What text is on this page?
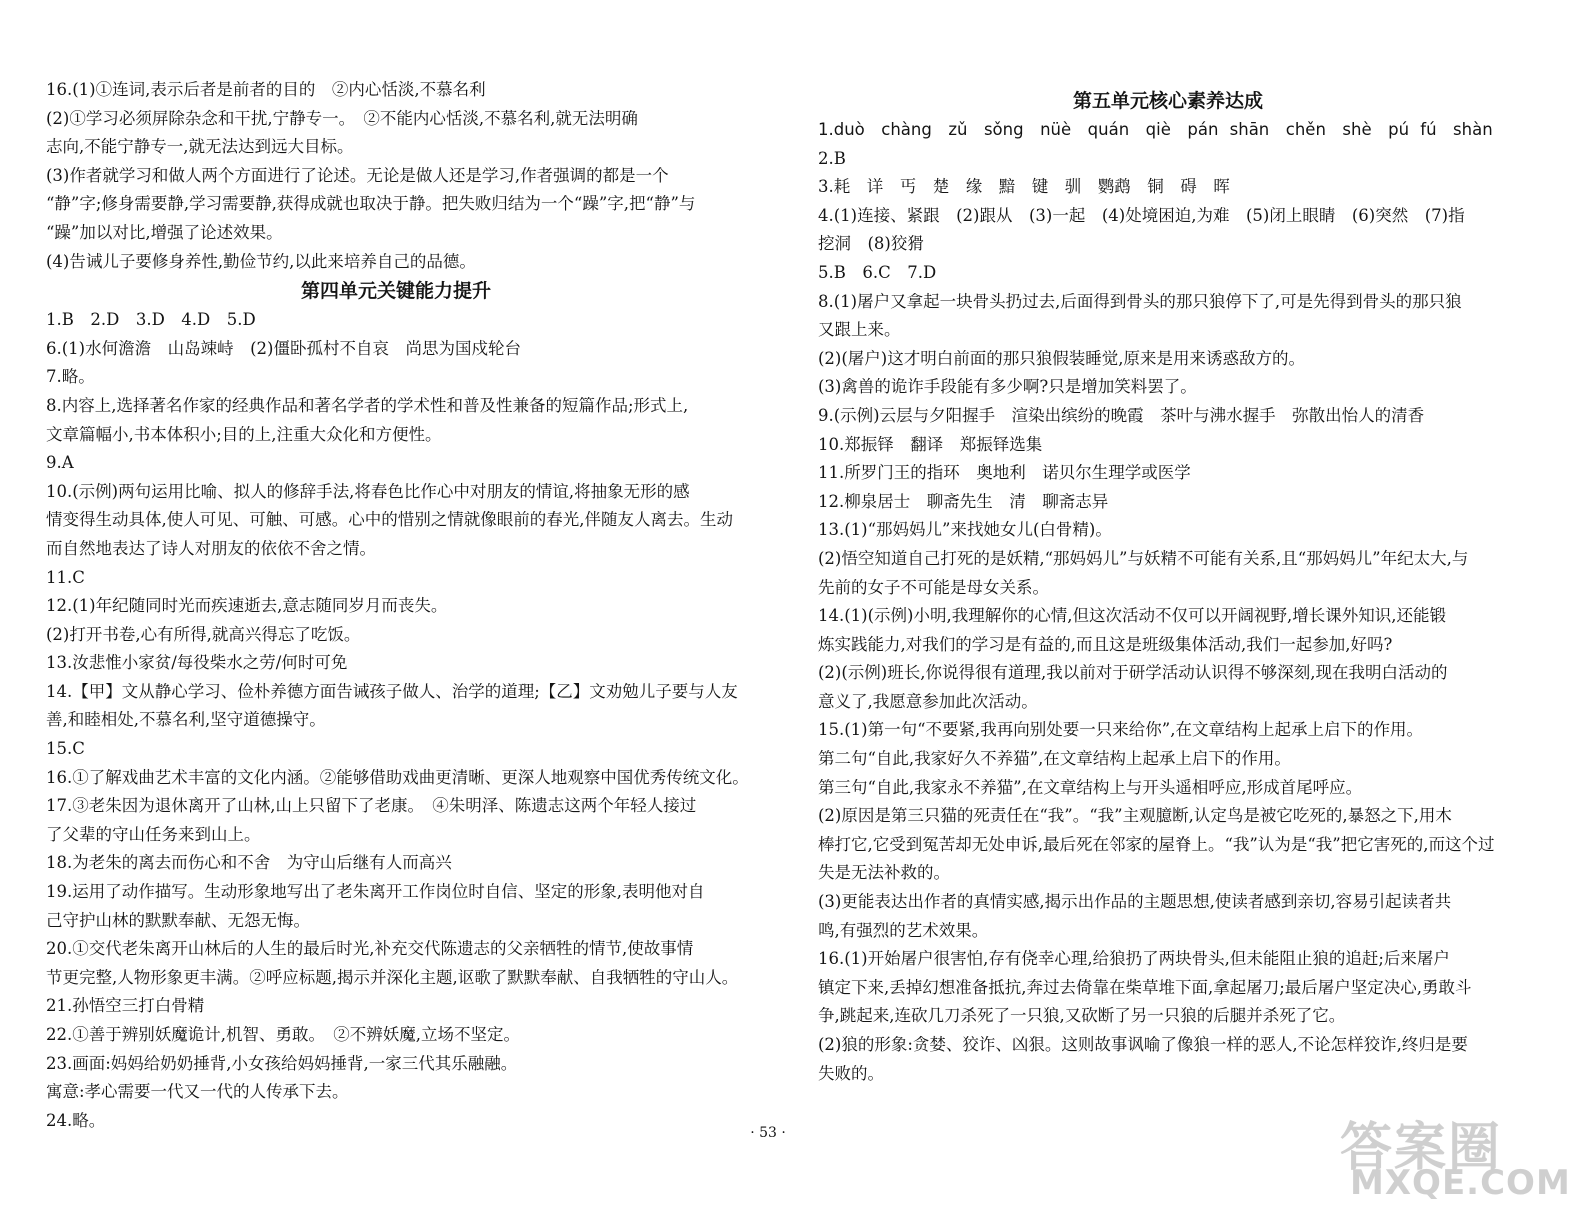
16.(1)①连词,表示后者是前者的目的　②内心恬淡,不慕名利
(2)①学习必须屏除杂念和干扰,宁静专一。　②不能内心恬淡,不慕名利,就无法明确
志向,不能宁静专一,就无法达到远大目标。
(3)作者就学习和做人两个方面进行了论述。无论是做人还是学习,作者强调的都是一个
“静”字;修身需要静,学习需要静,获得成就也取决于静。把失败归结为一个“躁”字,把“静”与
“躁”加以对比,增强了论述效果。
(4)告诫儿子要修身养性,勤俭节约,以此来培养自己的品德。
第四单元关键能力提升
1.B　2.D　3.D　4.D　5.D
6.(1)水何澹澹　山岛竦峙　(2)僵卧孤村不自哀　尚思为国戍轮台
7.略。
8.内容上,选择著名作家的经典作品和著名学者的学术性和普及性兼备的短篇作品;形式上,
文章篇幅小,书本体积小;目的上,注重大众化和方便性。
9.A
10.(示例)两句运用比喻、拟人的修辞手法,将春色比作心中对朋友的情谊,将抽象无形的感
情变得生动具体,使人可见、可触、可感。心中的惜别之情就像眼前的春光,伴随友人离去。生动
而自然地表达了诗人对朋友的依依不舍之情。
11.C
12.(1)年纪随同时光而疾速逝去,意志随同岁月而丧失。
(2)打开书卷,心有所得,就高兴得忘了吃饭。
13.汝悲惟小家贫/每役柴水之劳/何时可免
14.【甲】文从静心学习、俭朴养德方面告诫孩子做人、治学的道理;【乙】文劝勉儿子要与人友
善,和睦相处,不慕名利,坚守道德操守。
15.C
16.①了解戏曲艺术丰富的文化内涵。②能够借助戏曲更清晰、更深人地观察中国优秀传统文化。
17.③老朱因为退休离开了山林,山上只留下了老康。　④朱明泽、陈遗志这两个年轻人接过
了父辈的守山任务来到山上。
18.为老朱的离去而伤心和不舍　为守山后继有人而高兴
19.运用了动作描写。生动形象地写出了老朱离开工作岗位时自信、坚定的形象,表明他对自
己守护山林的默默奉献、无怨无悔。
20.①交代老朱离开山林后的人生的最后时光,补充交代陈遗志的父亲牺牲的情节,使故事情
节更完整,人物形象更丰满。②呼应标题,揭示并深化主题,讴歌了默默奉献、自我牺牲的守山人。
21.孙悟空三打白骨精
22.①善于辨别妖魔诡计,机智、勇敢。　②不辨妖魔,立场不坚定。
23.画面:妈妈给奶奶捶背,小女孩给妈妈捶背,一家三代其乐融融。
寓意:孝心需要一代又一代的人传承下去。
24.略。
第五单元核心素养达成
1.duò　chàng　zǔ　sǒng　nüè　quán　qiè　pán shān　chěn　shè　pú fú　shàn
2.B
3.耗　详　丐　楚　缘　黯　键　驯　鹦鹉　铜　碍　晖
4.(1)连接、紧跟　(2)跟从　(3)一起　(4)处境困迫,为难　(5)闭上眼睛　(6)突然　(7)指
挖洞　(8)狡猾
5.B　6.C　7.D
8.(1)屠户又拿起一块骨头扔过去,后面得到骨头的那只狼停下了,可是先得到骨头的那只狼
又跟上来。
(2)(屠户)这才明白前面的那只狼假装睡觉,原来是用来诱惑敌方的。
(3)禽兽的诡诈手段能有多少啊?只是增加笑料罢了。
9.(示例)云层与夕阳握手　渲染出缤纷的晚霞　茶叶与沸水握手　弥散出怡人的清香
10.郑振铎　翻译　郑振铎选集
11.所罗门王的指环　奥地利　诺贝尔生理学或医学
12.柳泉居士　聊斋先生　清　聊斋志异
13.(1)“那妈妈儿”来找她女儿(白骨精)。
(2)悟空知道自己打死的是妖精,“那妈妈儿”与妖精不可能有关系,且“那妈妈儿”年纪太大,与
先前的女子不可能是母女关系。
14.(1)(示例)小明,我理解你的心情,但这次活动不仅可以开阔视野,增长课外知识,还能锻
炼实践能力,对我们的学习是有益的,而且这是班级集体活动,我们一起参加,好吗?
(2)(示例)班长,你说得很有道理,我以前对于研学活动认识得不够深刻,现在我明白活动的
意义了,我愿意参加此次活动。
15.(1)第一句“不要紧,我再向别处要一只来给你”,在文章结构上起承上启下的作用。
第二句“自此,我家好久不养猫”,在文章结构上起承上启下的作用。
第三句“自此,我家永不养猫”,在文章结构上与开头遥相呼应,形成首尾呼应。
(2)原因是第三只猫的死责任在“我”。“我”主观臆断,认定鸟是被它吃死的,暴怒之下,用木
棒打它,它受到冤苦却无处申诉,最后死在邻家的屋脊上。“我”认为是“我”把它害死的,而这个过
失是无法补救的。
(3)更能表达出作者的真情实感,揭示出作品的主题思想,使读者感到亲切,容易引起读者共
鸣,有强烈的艺术效果。
16.(1)开始屠户很害怕,存有侥幸心理,给狼扔了两块骨头,但未能阻止狼的追赶;后来屠户
镇定下来,丢掉幻想准备抵抗,奔过去倚靠在柴草堆下面,拿起屠刀;最后屠户坚定决心,勇敢斗
争,跳起来,连砍几刀杀死了一只狼,又砍断了另一只狼的后腿并杀死了它。
(2)狼的形象:贪婪、狡诈、凶狠。这则故事讽喻了像狼一样的恶人,不论怎样狡诈,终归是要
失败的。
· 53 ·	答案圈
MXQE.COM
